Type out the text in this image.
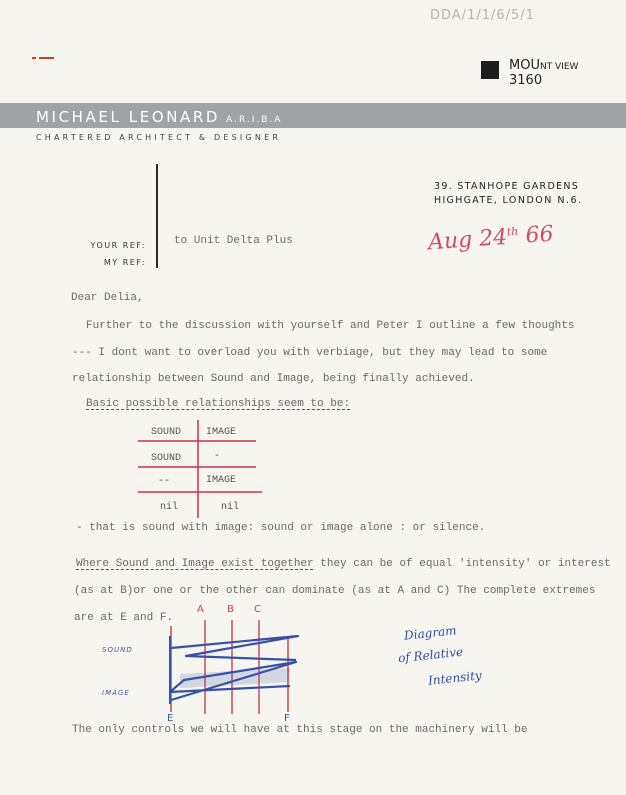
DDA/1/1/6/5/1
MOUNT VIEW
3160
MICHAEL LEONARD A.R.I.B.A
CHARTERED ARCHITECT & DESIGNER
39. STANHOPE GARDENS
HIGHGATE, LONDON N.6.
YOUR REF:
MY REF:
to Unit Delta Plus	Aug 24th 66
Dear Delia,
Further to the discussion with yourself and Peter I outline a few thoughts
--- I dont want to overload you with verbiage, but they may lead to some
relationship between Sound and Image, being finally achieved.
Basic possible relationships seem to be:
SOUND IMAGE
SOUND	-
--	IMAGE
nil	nil
- that is sound with image: sound or image alone : or silence.
Where Sound and Image exist together they can be of equal 'intensity' or interest
(as at B)or one or the other can dominate (as at A and C) The complete extremes
are at E and F.
A B C
E	F
SOUND
IMAGE
Diagram
of Relative
Intensity
The only controls we will have at this stage on the machinery will be
